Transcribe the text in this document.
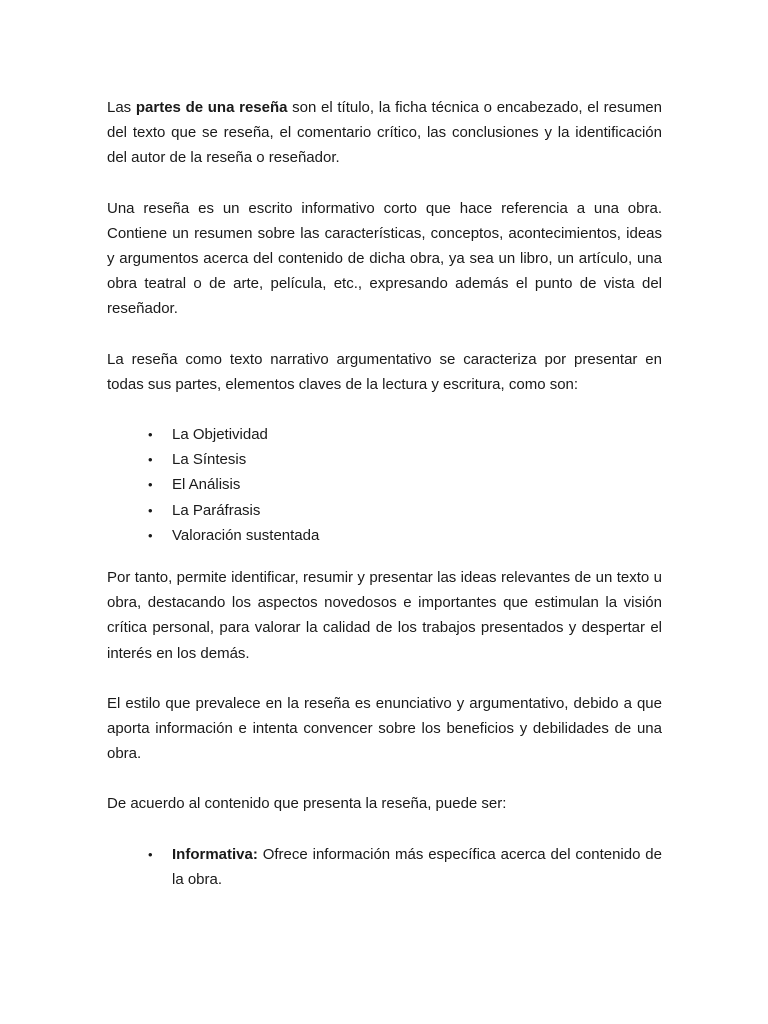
Las partes de una reseña son el título, la ficha técnica o encabezado, el resumen del texto que se reseña, el comentario crítico, las conclusiones y la identificación del autor de la reseña o reseñador.

Una reseña es un escrito informativo corto que hace referencia a una obra. Contiene un resumen sobre las características, conceptos, acontecimientos, ideas y argumentos acerca del contenido de dicha obra, ya sea un libro, un artículo, una obra teatral o de arte, película, etc., expresando además el punto de vista del reseñador.

La reseña como texto narrativo argumentativo se caracteriza por presentar en todas sus partes, elementos claves de la lectura y escritura, como son:

• La Objetividad
• La Síntesis
• El Análisis
• La Paráfrasis
• Valoración sustentada

Por tanto, permite identificar, resumir y presentar las ideas relevantes de un texto u obra, destacando los aspectos novedosos e importantes que estimulan la visión crítica personal, para valorar la calidad de los trabajos presentados y despertar el interés en los demás.

El estilo que prevalece en la reseña es enunciativo y argumentativo, debido a que aporta información e intenta convencer sobre los beneficios y debilidades de una obra.

De acuerdo al contenido que presenta la reseña, puede ser:

• Informativa: Ofrece información más específica acerca del contenido de la obra.
